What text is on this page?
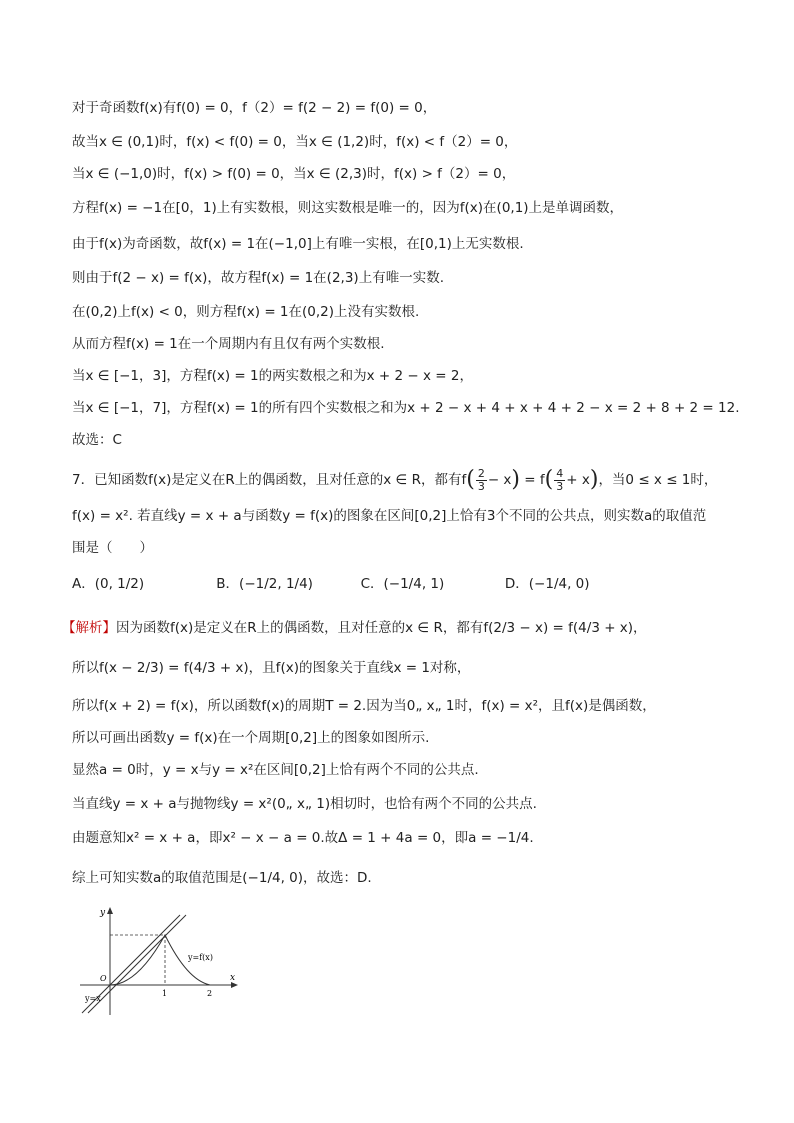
对于奇函数f(x)有f(0) = 0，f（2）= f(2 − 2) = f(0) = 0，
故当x ∈ (0,1)时，f(x) < f(0) = 0，当x ∈ (1,2)时，f(x) < f（2）= 0，
当x ∈ (−1,0)时，f(x) > f(0) = 0，当x ∈ (2,3)时，f(x) > f（2）= 0，
方程f(x) = −1在[0，1)上有实数根，则这实数根是唯一的，因为f(x)在(0,1)上是单调函数，
由于f(x)为奇函数，故f(x) = 1在(−1,0]上有唯一实根，在[0,1)上无实数根.
则由于f(2 − x) = f(x)，故方程f(x) = 1在(2,3)上有唯一实数.
在(0,2)上f(x) < 0，则方程f(x) = 1在(0,2)上没有实数根.
从而方程f(x) = 1在一个周期内有且仅有两个实数根.
当x ∈ [−1，3]，方程f(x) = 1的两实数根之和为x + 2 − x = 2，
当x ∈ [−1，7]，方程f(x) = 1的所有四个实数根之和为x + 2 − x + 4 + x + 4 + 2 − x = 2 + 8 + 2 = 12.
故选：C
7．已知函数f(x)是定义在R上的偶函数，且对任意的x ∈ R，都有$f( \frac{2}{3} - x) = f( \frac{4}{3} + x)$，当0 ≤ x ≤ 1时，
f(x) = x². 若直线y = x + a与函数y = f(x)的图象在区间[0,2]上恰有3个不同的公共点，则实数a的取值范
围是（　　）
A．(0, 1/2)	B．(−1/2, 1/4)	C．(−1/4, 1)	D．(−1/4, 0)
【解析】因为函数f(x)是定义在R上的偶函数，且对任意的x ∈ R，都有f(2/3 − x) = f(4/3 + x)，
所以f(x − 2/3) = f(4/3 + x)，且f(x)的图象关于直线x = 1对称，
所以f(x + 2) = f(x)，所以函数f(x)的周期T = 2.因为当0„ x„ 1时，f(x) = x²，且f(x)是偶函数，
所以可画出函数y = f(x)在一个周期[0,2]上的图象如图所示.
显然a = 0时，y = x与y = x²在区间[0,2]上恰有两个不同的公共点.
当直线y = x + a与抛物线y = x²(0„ x„ 1)相切时，也恰有两个不同的公共点.
由题意知x² = x + a，即x² − x − a = 0.故Δ = 1 + 4a = 0，即a = −1/4.
综上可知实数a的取值范围是(−1/4, 0)，故选：D.
y
x
O
y=f(x)
y=x
1	2
